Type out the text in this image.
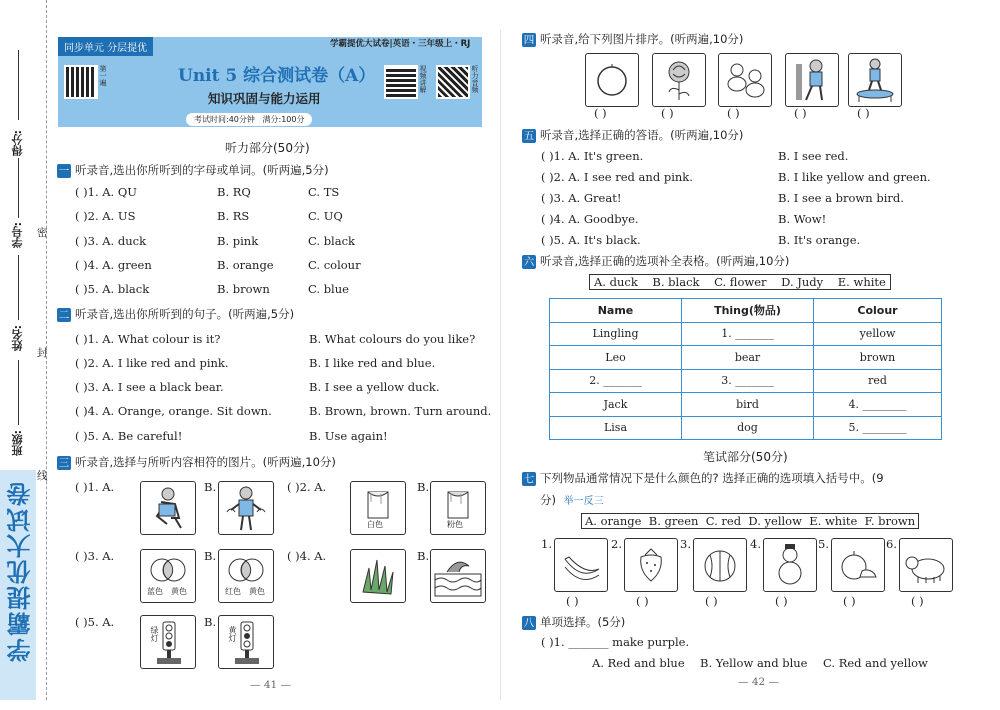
得分:
学号:
姓名:
班级:
密
封
线
学霸提优大试卷
同步单元 分层提优
第一遍	Unit 5 综合测试卷（A）
知识巩固与能力运用
视频讲解	听力音频
考试时间:40分钟   满分:100分
学霸提优大试卷|英语・三年级上・RJ
听力部分(50分)
一 听录音,选出你所听到的字母或单词。(听两遍,5分)
( )1. A. QU	B. RQ	C. TS
( )2. A. US	B. RS	C. UQ
( )3. A. duck	B. pink	C. black
( )4. A. green	B. orange	C. colour
( )5. A. black	B. brown	C. blue
二 听录音,选出你所听到的句子。(听两遍,5分)
( )1. A. What colour is it?	B. What colours do you like?
( )2. A. I like red and pink.	B. I like red and blue.
( )3. A. I see a black bear.	B. I see a yellow duck.
( )4. A. Orange, orange. Sit down.	B. Brown, brown. Turn around.
( )5. A. Be careful!	B. Use again!
三 听录音,选择与所听内容相符的图片。(听两遍,10分)
( )1. A.	B.	( )2. A.
白色
B.
粉色
( )3. A.
蓝色 黄色
B.
红色 黄色
( )4. A.	B.
( )5. A.
绿灯
B.
黄灯
— 41 —
四 听录音,给下列图片排序。(听两遍,10分)
( )	( )	( )	( )	( )
五 听录音,选择正确的答语。(听两遍,10分)
( )1. A. It's green.	B. I see red.
( )2. A. I see red and pink.	B. I like yellow and green.
( )3. A. Great!	B. I see a brown bird.
( )4. A. Goodbye.	B. Wow!
( )5. A. It's black.	B. It's orange.
六 听录音,选择正确的选项补全表格。(听两遍,10分)
A. duck    B. black    C. flower    D. Judy    E. white
Name	Thing(物品)	Colour
Lingling	1. _______	yellow
Leo	bear	brown
2. _______	3. _______	red
Jack	bird	4. ________
Lisa	dog	5. ________
笔试部分(50分)
七 下列物品通常情况下是什么颜色的? 选择正确的选项填入括号中。(9
分) 举一反三
A. orange  B. green  C. red  D. yellow  E. white  F. brown
1.	2.	3.	4.	5.	6.
( )	( )	( )	( )	( )	( )
八 单项选择。(5分)
( )1. _______ make purple.
A. Red and blue B. Yellow and blue C. Red and yellow
— 42 —
